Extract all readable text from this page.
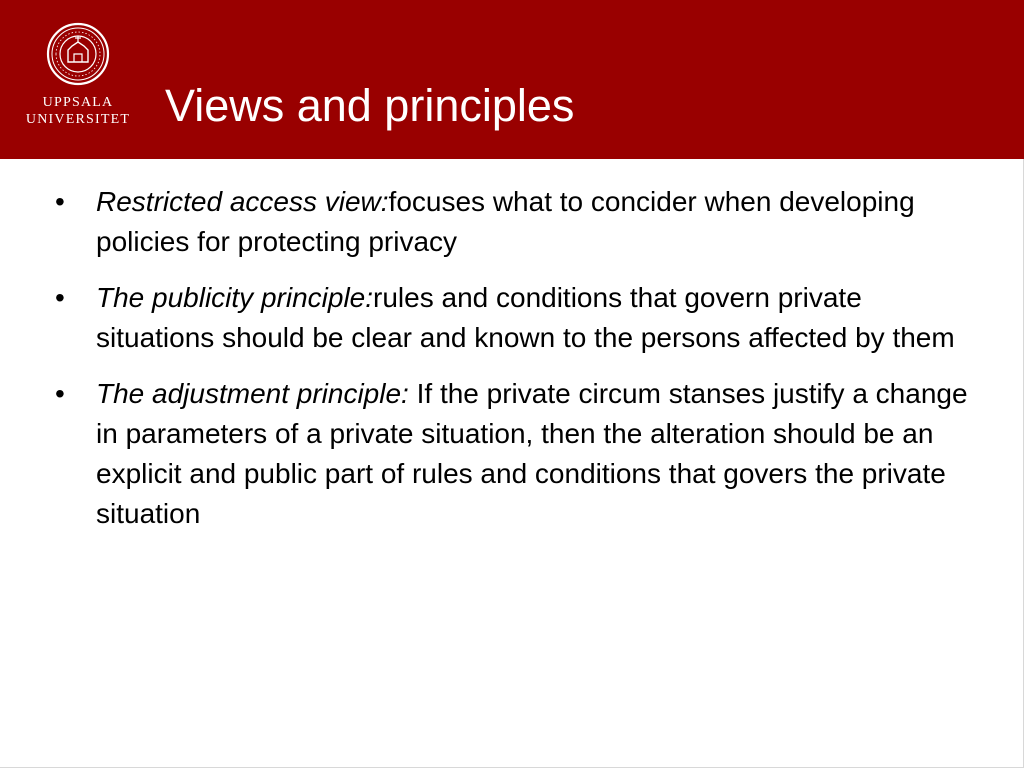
UPPSALA
UNIVERSITET Views and principles
• Restricted access view:focuses what to concider when developing policies for protecting privacy
• The publicity principle:rules and conditions that govern private situations should be clear and known to the persons affected by them
• The adjustment principle: If the private circum stanses justify a change in parameters of a private situation, then the alteration should be an explicit and public part of rules and conditions that govers the private situation
